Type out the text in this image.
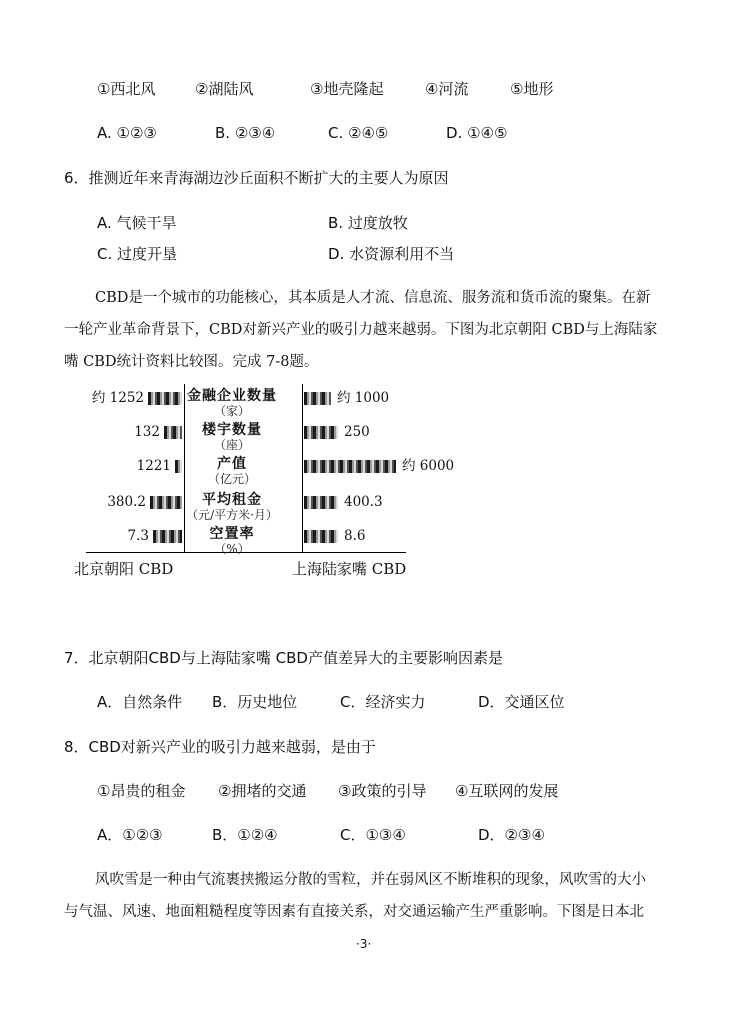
①西北风	②湖陆风	③地壳隆起	④河流	⑤地形
A. ①②③	B. ②③④	C. ②④⑤	D. ①④⑤
6．推测近年来青海湖边沙丘面积不断扩大的主要人为原因
A. 气候干旱	B. 过度放牧
C. 过度开垦	D. 水资源利用不当
CBD是一个城市的功能核心，其本质是人才流、信息流、服务流和货币流的聚集。在新
一轮产业革命背景下，CBD对新兴产业的吸引力越来越弱。下图为北京朝阳 CBD与上海陆家
嘴 CBD统计资料比较图。完成 7-8题。
金融企业数量
（家）
约 1252	约 1000
楼宇数量
（座）
132	250
产值
（亿元）
1221	约 6000
平均租金
（元/平方米·月）
380.2	400.3
空置率
（%）
7.3	8.6
北京朝阳 CBD	上海陆家嘴 CBD
7．北京朝阳CBD与上海陆家嘴 CBD产值差异大的主要影响因素是
A．自然条件 B．历史地位	C．经济实力	D．交通区位
8．CBD对新兴产业的吸引力越来越弱，是由于
①昂贵的租金 ②拥堵的交通 ③政策的引导 ④互联网的发展
A．①②③	B．①②④	C．①③④	D．②③④
风吹雪是一种由气流裹挟搬运分散的雪粒，并在弱风区不断堆积的现象，风吹雪的大小
与气温、风速、地面粗糙程度等因素有直接关系，对交通运输产生严重影响。下图是日本北
·3·
